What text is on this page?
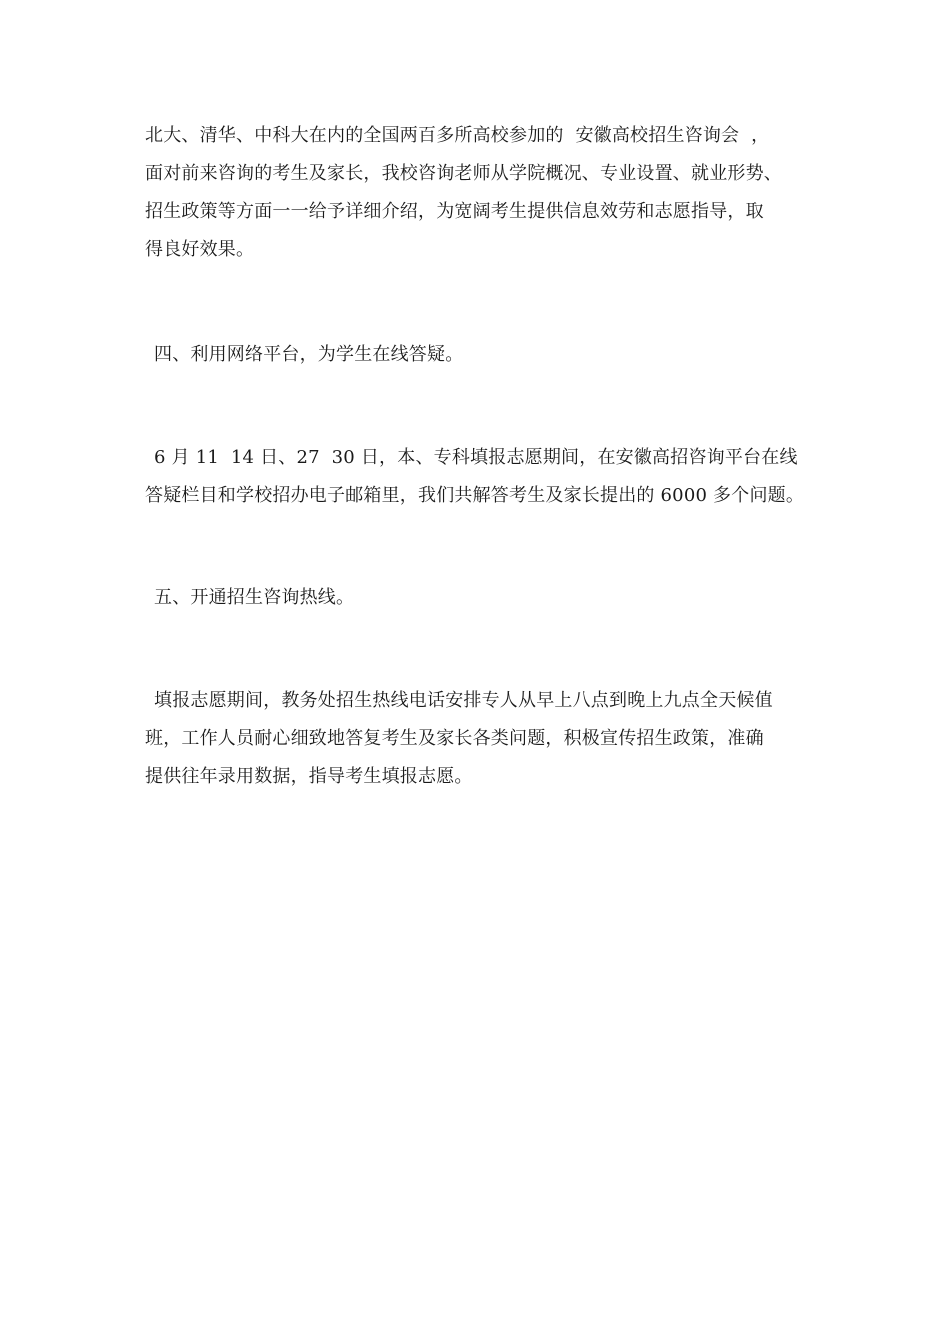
北大、清华、中科大在内的全国两百多所高校参加的  安徽高校招生咨询会  ，
面对前来咨询的考生及家长，我校咨询老师从学院概况、专业设置、就业形势、
招生政策等方面一一给予详细介绍，为宽阔考生提供信息效劳和志愿指导，取
得良好效果。
四、利用网络平台，为学生在线答疑。
6 月 11  14 日、27  30 日，本、专科填报志愿期间，在安徽高招咨询平台在线
答疑栏目和学校招办电子邮箱里，我们共解答考生及家长提出的 6000 多个问题。
五、开通招生咨询热线。
填报志愿期间，教务处招生热线电话安排专人从早上八点到晚上九点全天候值
班，工作人员耐心细致地答复考生及家长各类问题，积极宣传招生政策，准确
提供往年录用数据，指导考生填报志愿。
